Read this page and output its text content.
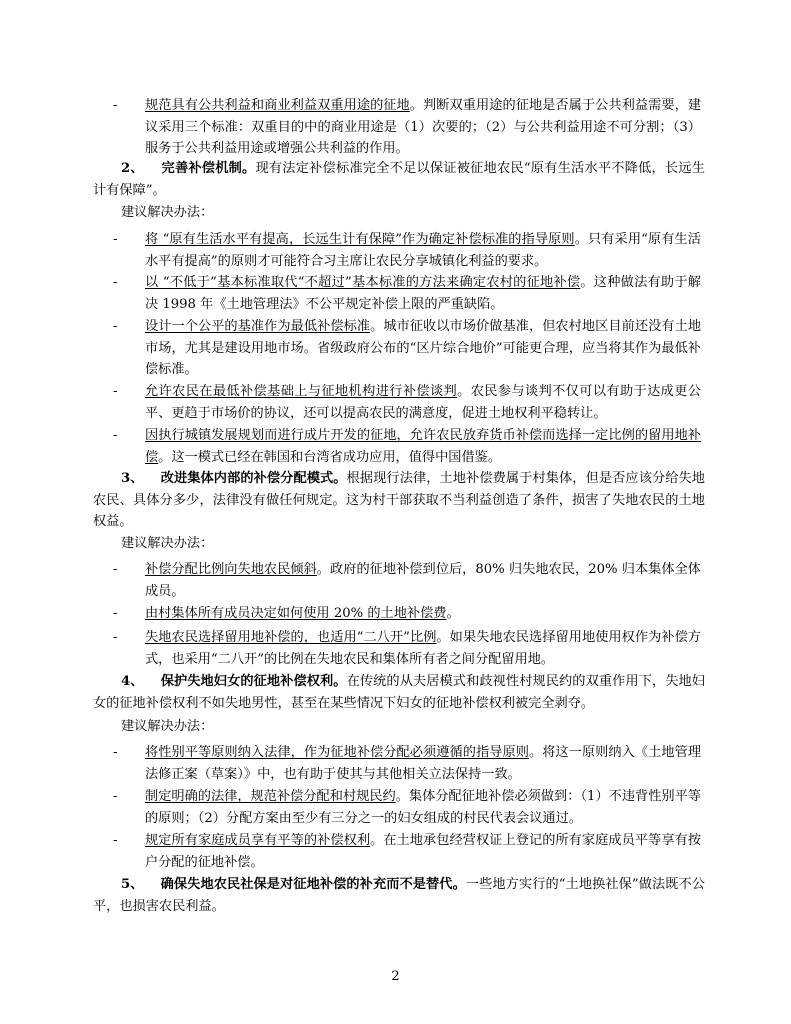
- 规范具有公共利益和商业利益双重用途的征地。判断双重用途的征地是否属于公共利益需要，建议采用三个标准：双重目的中的商业用途是（1）次要的；（2）与公共利益用途不可分割；（3）服务于公共利益用途或增强公共利益的作用。
2、 完善补偿机制。现有法定补偿标准完全不足以保证被征地农民“原有生活水平不降低，长远生计有保障”。
建议解决办法：
- 将 “原有生活水平有提高，长远生计有保障”作为确定补偿标准的指导原则。只有采用“原有生活水平有提高”的原则才可能符合习主席让农民分享城镇化利益的要求。
- 以 “不低于”基本标准取代“不超过”基本标准的方法来确定农村的征地补偿。这种做法有助于解决 1998 年《土地管理法》不公平规定补偿上限的严重缺陷。
- 设计一个公平的基准作为最低补偿标准。城市征收以市场价做基准，但农村地区目前还没有土地市场，尤其是建设用地市场。省级政府公布的“区片综合地价”可能更合理，应当将其作为最低补偿标准。
- 允许农民在最低补偿基础上与征地机构进行补偿谈判。农民参与谈判不仅可以有助于达成更公平、更趋于市场价的协议，还可以提高农民的满意度，促进土地权利平稳转让。
- 因执行城镇发展规划而进行成片开发的征地，允许农民放弃货币补偿而选择一定比例的留用地补偿。这一模式已经在韩国和台湾省成功应用，值得中国借鉴。
3、 改进集体内部的补偿分配模式。根据现行法律，土地补偿费属于村集体，但是否应该分给失地农民、具体分多少，法律没有做任何规定。这为村干部获取不当利益创造了条件，损害了失地农民的土地权益。
建议解决办法：
- 补偿分配比例向失地农民倾斜。政府的征地补偿到位后，80% 归失地农民，20% 归本集体全体成员。
- 由村集体所有成员决定如何使用 20% 的土地补偿费。
- 失地农民选择留用地补偿的，也适用“二八开”比例。如果失地农民选择留用地使用权作为补偿方式，也采用“二八开”的比例在失地农民和集体所有者之间分配留用地。
4、 保护失地妇女的征地补偿权利。在传统的从夫居模式和歧视性村规民约的双重作用下，失地妇女的征地补偿权利不如失地男性，甚至在某些情况下妇女的征地补偿权利被完全剥夺。
建议解决办法：
- 将性别平等原则纳入法律，作为征地补偿分配必须遵循的指导原则。将这一原则纳入《土地管理法修正案（草案）》中，也有助于使其与其他相关立法保持一致。
- 制定明确的法律，规范补偿分配和村规民约。集体分配征地补偿必须做到：（1）不违背性别平等的原则；（2）分配方案由至少有三分之一的妇女组成的村民代表会议通过。
- 规定所有家庭成员享有平等的补偿权利。在土地承包经营权证上登记的所有家庭成员平等享有按户分配的征地补偿。
5、 确保失地农民社保是对征地补偿的补充而不是替代。一些地方实行的“土地换社保”做法既不公平，也损害农民利益。
2
